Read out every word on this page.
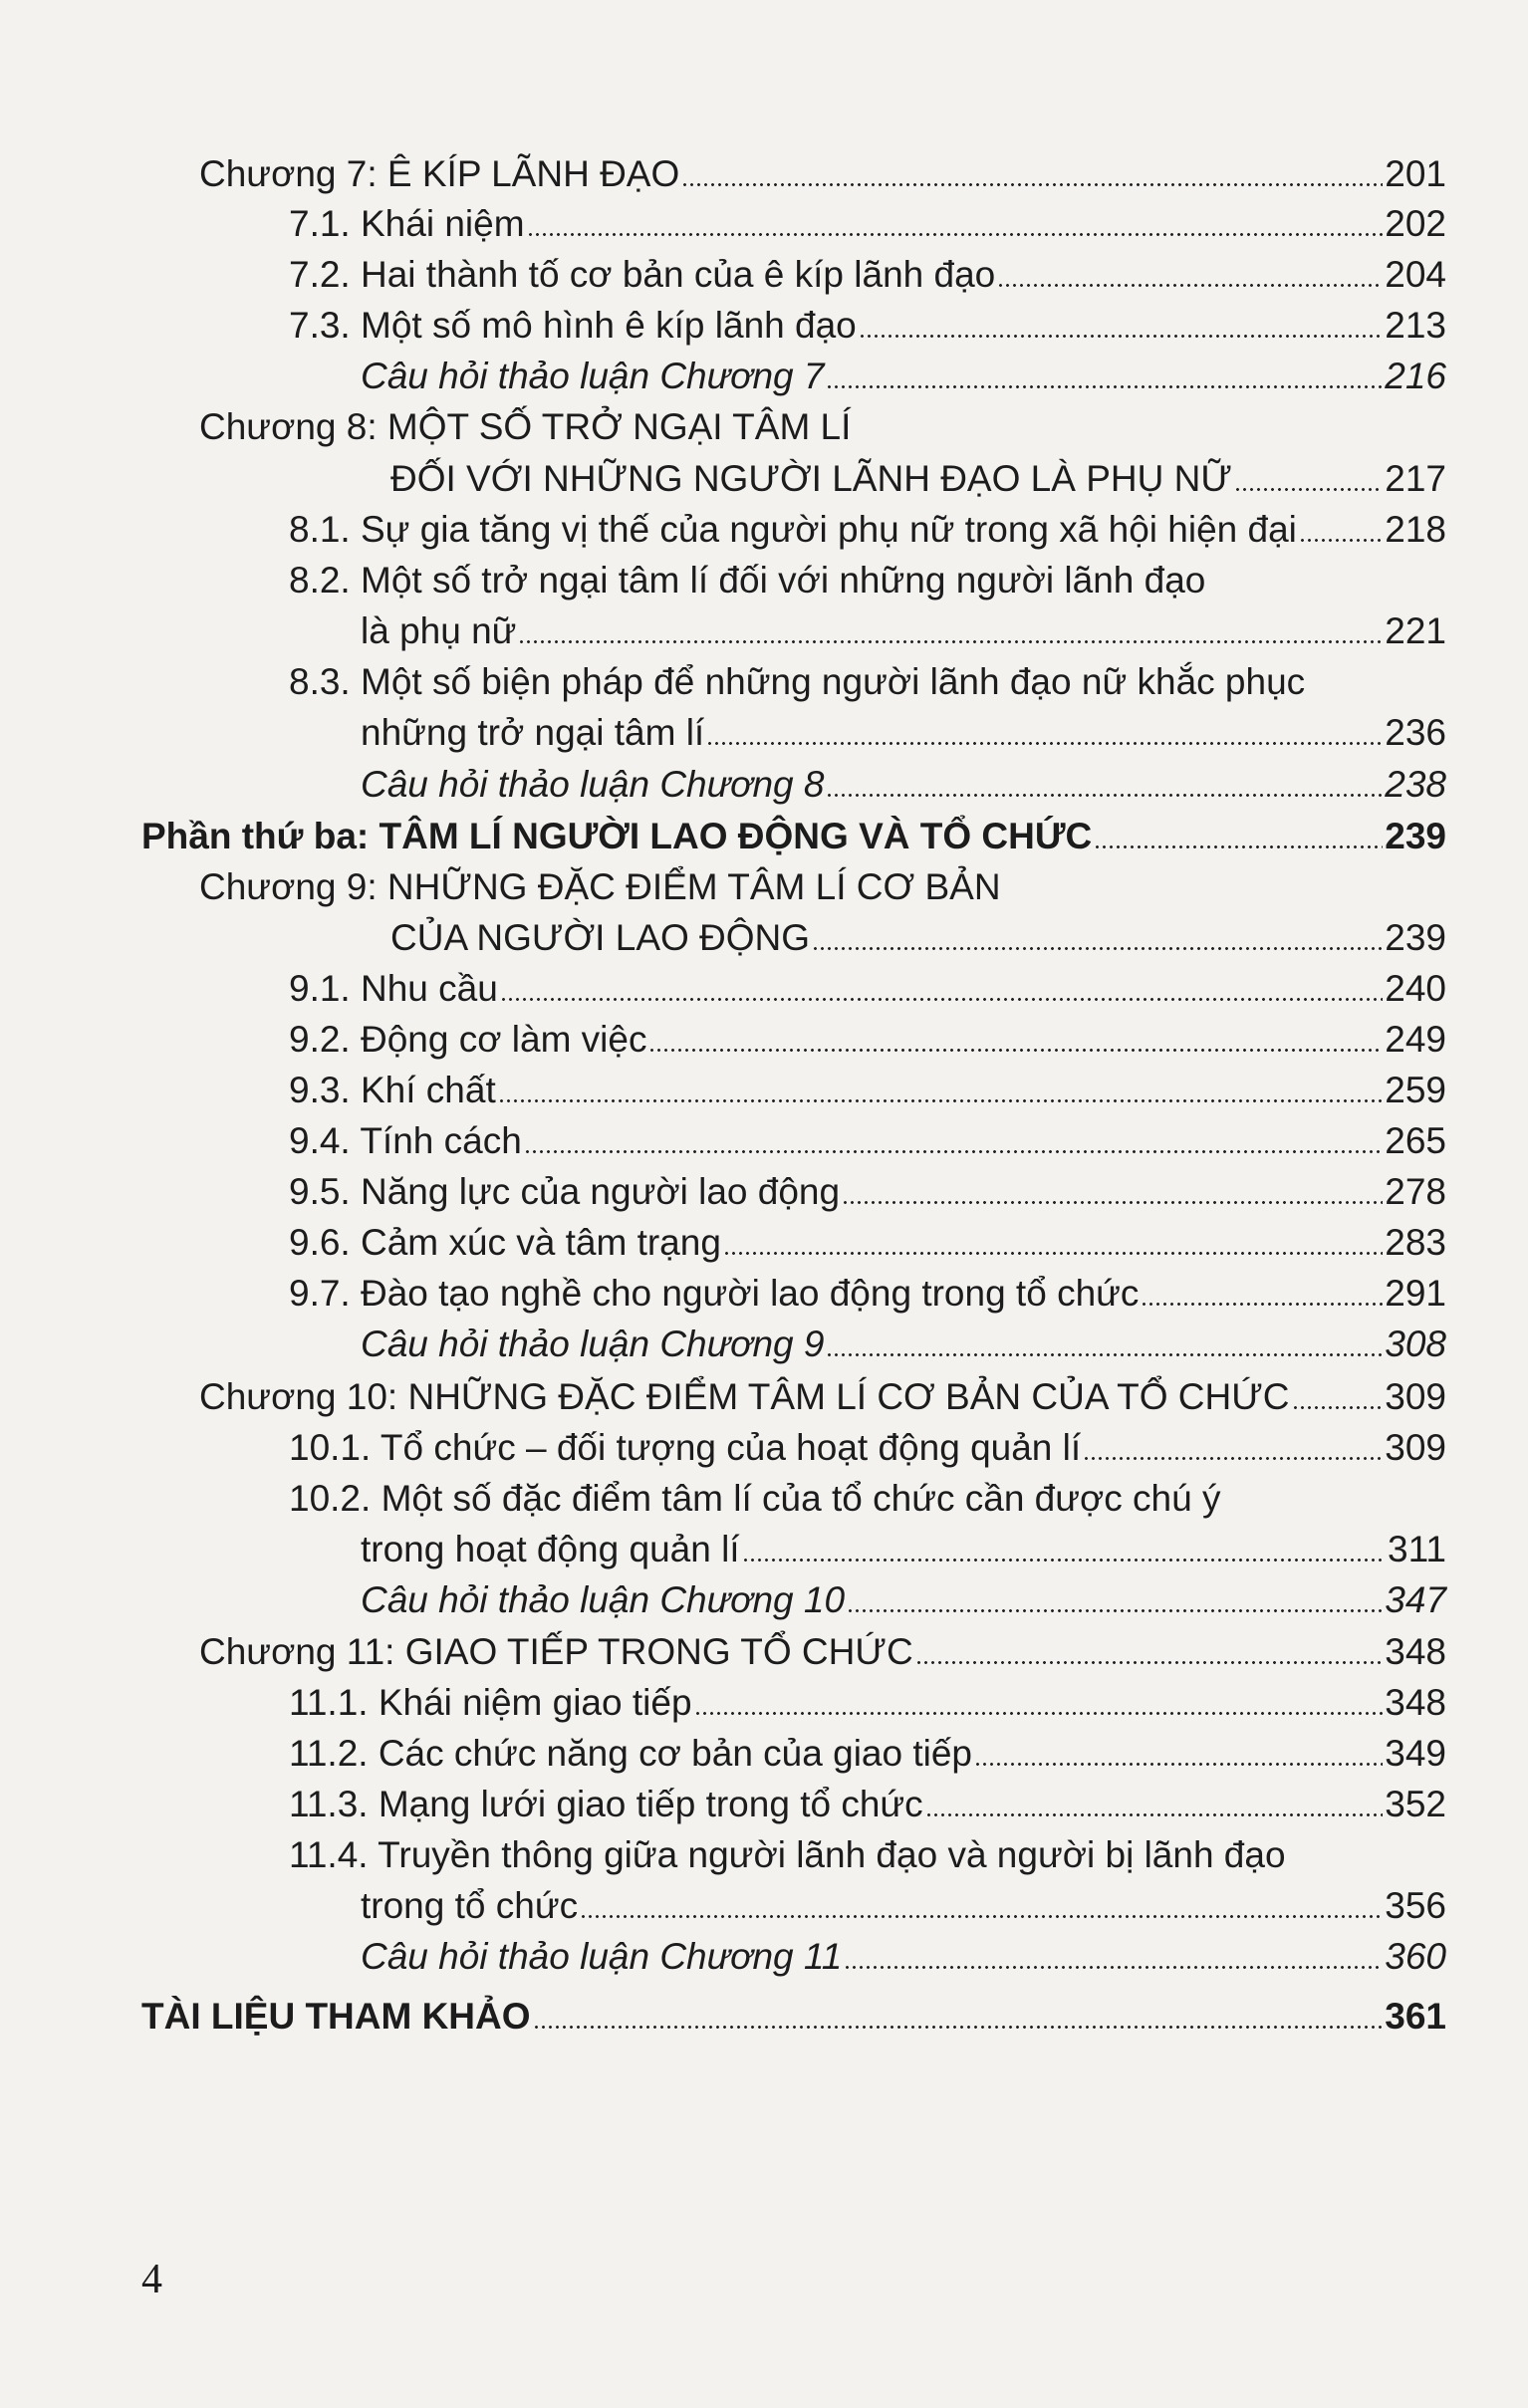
Chương 7: Ê KÍP LÃNH ĐẠO	201
7.1. Khái niệm	202
7.2. Hai thành tố cơ bản của ê kíp lãnh đạo	204
7.3. Một số mô hình ê kíp lãnh đạo	213
Câu hỏi thảo luận Chương 7	216
Chương 8: MỘT SỐ TRỞ NGẠI TÂM LÍ
ĐỐI VỚI NHỮNG NGƯỜI LÃNH ĐẠO LÀ PHỤ NỮ	217
8.1. Sự gia tăng vị thế của người phụ nữ trong xã hội hiện đại 218
8.2. Một số trở ngại tâm lí đối với những người lãnh đạo
là phụ nữ	221
8.3. Một số biện pháp để những người lãnh đạo nữ khắc phục
những trở ngại tâm lí	236
Câu hỏi thảo luận Chương 8	238
Phần thứ ba: TÂM LÍ NGƯỜI LAO ĐỘNG VÀ TỔ CHỨC	239
Chương 9: NHỮNG ĐẶC ĐIỂM TÂM LÍ CƠ BẢN
CỦA NGƯỜI LAO ĐỘNG	239
9.1. Nhu cầu	240
9.2. Động cơ làm việc	249
9.3. Khí chất	259
9.4. Tính cách	265
9.5. Năng lực của người lao động	278
9.6. Cảm xúc và tâm trạng	283
9.7. Đào tạo nghề cho người lao động trong tổ chức	291
Câu hỏi thảo luận Chương 9	308
Chương 10: NHỮNG ĐẶC ĐIỂM TÂM LÍ CƠ BẢN CỦA TỔ CHỨC	309
10.1. Tổ chức – đối tượng của hoạt động quản lí	309
10.2. Một số đặc điểm tâm lí của tổ chức cần được chú ý
trong hoạt động quản lí	311
Câu hỏi thảo luận Chương 10	347
Chương 11: GIAO TIẾP TRONG TỔ CHỨC	348
11.1. Khái niệm giao tiếp	348
11.2. Các chức năng cơ bản của giao tiếp	349
11.3. Mạng lưới giao tiếp trong tổ chức	352
11.4. Truyền thông giữa người lãnh đạo và người bị lãnh đạo
trong tổ chức	356
Câu hỏi thảo luận Chương 11	360
TÀI LIỆU THAM KHẢO	361
4
